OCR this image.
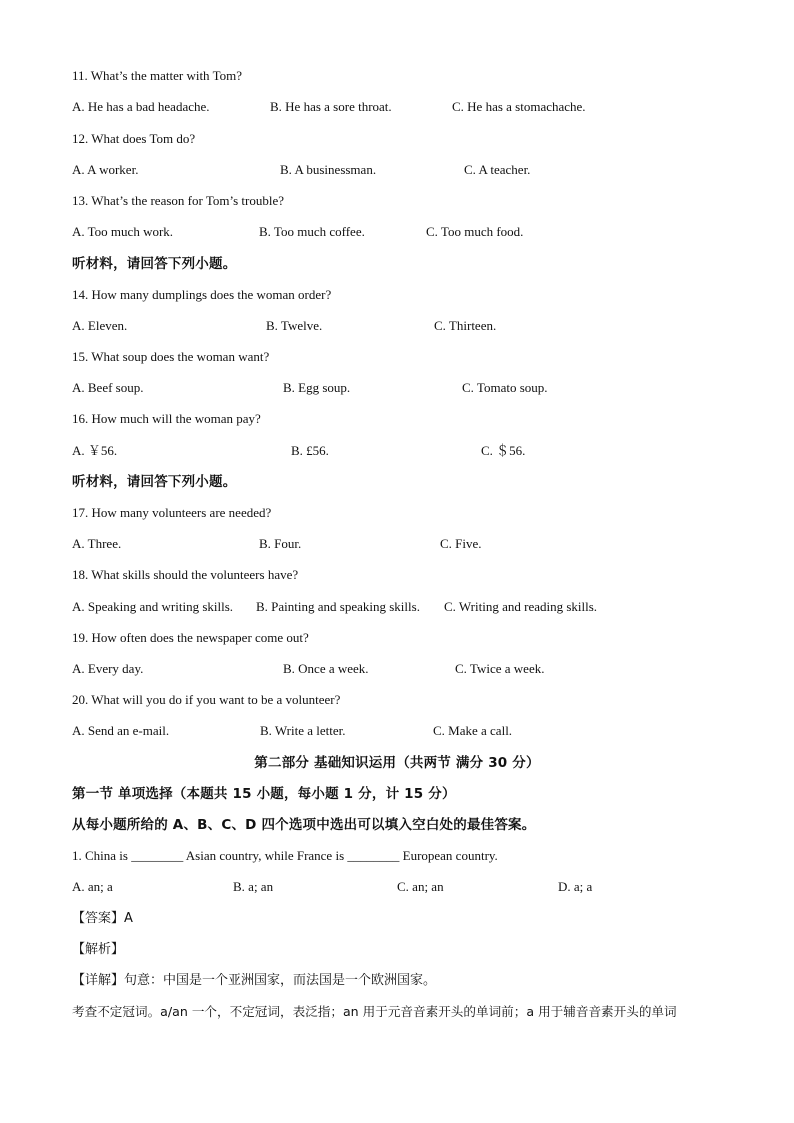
11. What’s the matter with Tom?
A. He has a bad headache.	B. He has a sore throat.	C. He has a stomachache.
12. What does Tom do?
A. A worker.	B. A businessman.	C. A teacher.
13. What’s the reason for Tom’s trouble?
A. Too much work.	B. Too much coffee.	C. Too much food.
听材料，请回答下列小题。
14. How many dumplings does the woman order?
A. Eleven.	B. Twelve.	C. Thirteen.
15. What soup does the woman want?
A. Beef soup.	B. Egg soup.	C. Tomato soup.
16. How much will the woman pay?
A. ￥56.	B. £56.	C. ＄56.
听材料，请回答下列小题。
17. How many volunteers are needed?
A. Three.	B. Four.	C. Five.
18. What skills should the volunteers have?
A. Speaking and writing skills. B. Painting and speaking skills. C. Writing and reading skills.
19. How often does the newspaper come out?
A. Every day.	B. Once a week.	C. Twice a week.
20. What will you do if you want to be a volunteer?
A. Send an e-mail.	B. Write a letter.	C. Make a call.
第二部分 基础知识运用（共两节 满分 30 分）
第一节 单项选择（本题共 15 小题，每小题 1 分，计 15 分）
从每小题所给的 A、B、C、D 四个选项中选出可以填入空白处的最佳答案。
1. China is ________ Asian country, while France is ________ European country.
A. an; a	B. a; an	C. an; an	D. a; a
【答案】A
【解析】
【详解】句意：中国是一个亚洲国家，而法国是一个欧洲国家。
考查不定冠词。a/an 一个，不定冠词，表泛指；an 用于元音音素开头的单词前；a 用于辅音音素开头的单词
